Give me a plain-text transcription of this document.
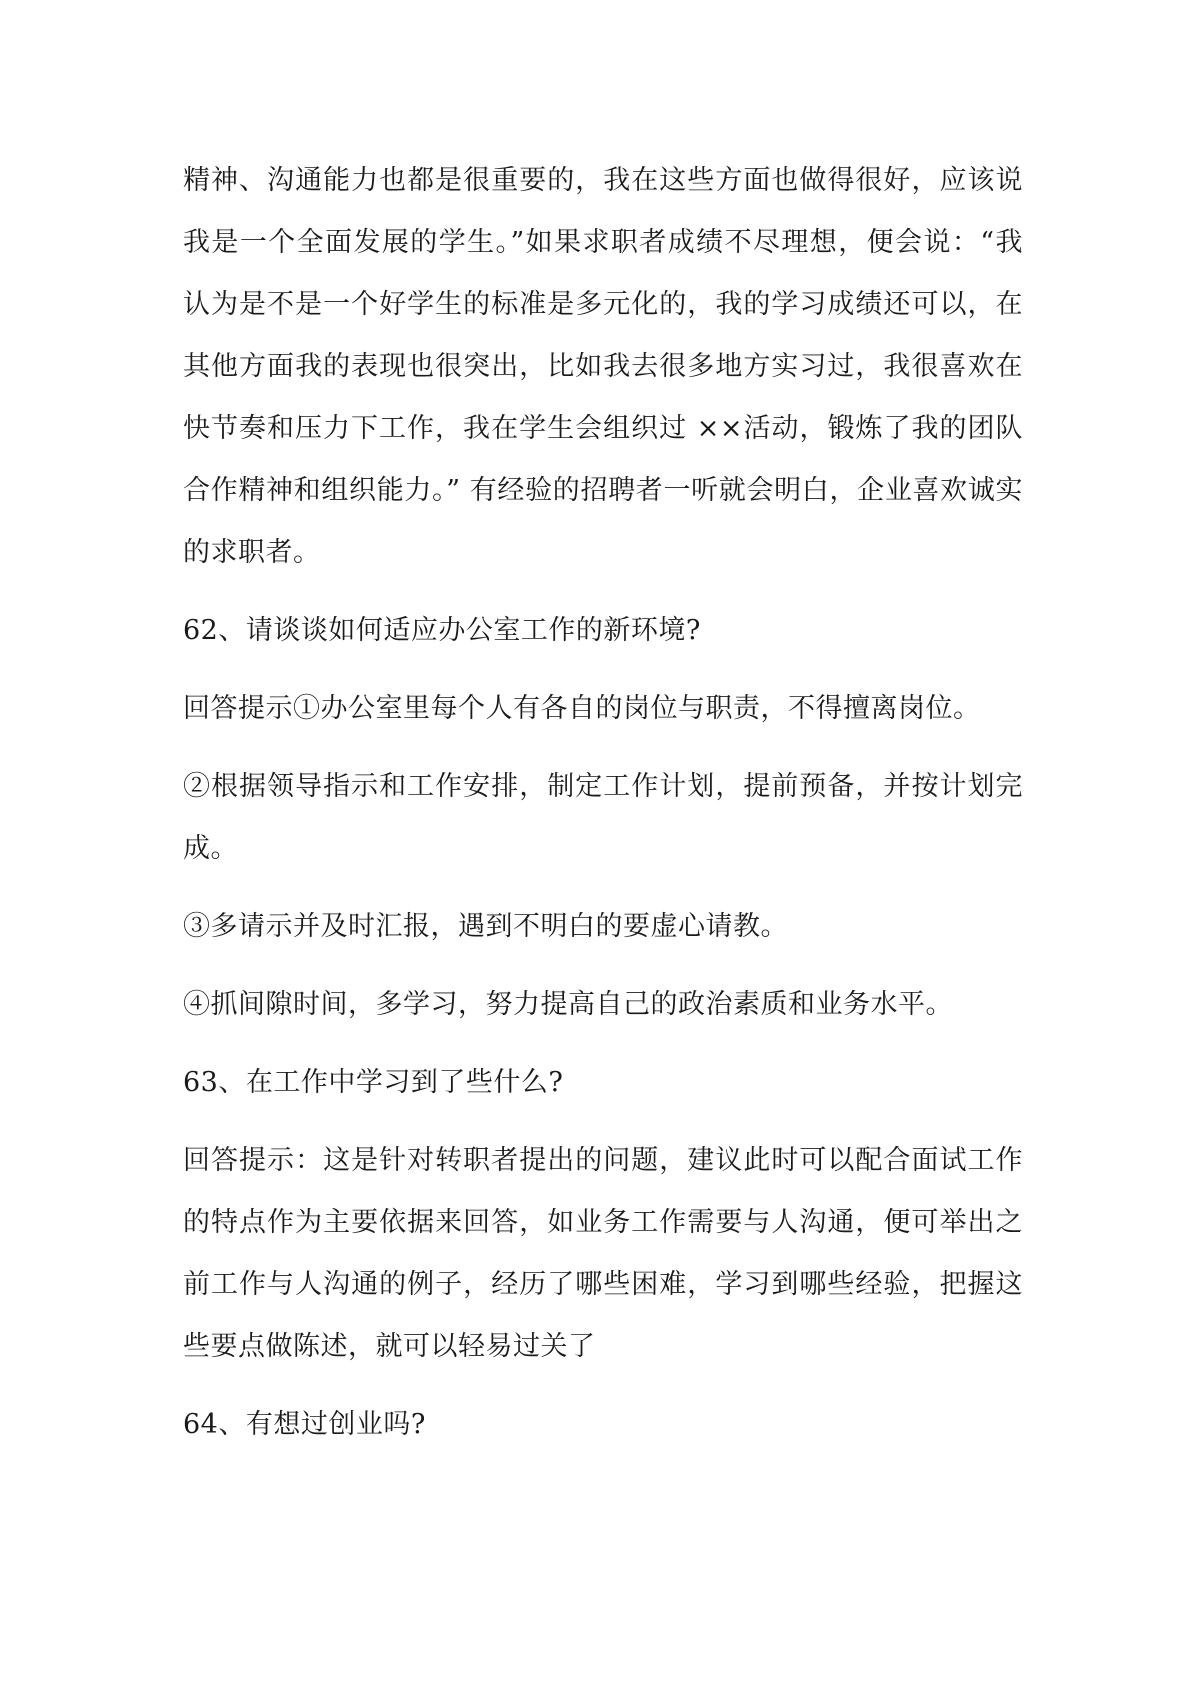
精神、沟通能力也都是很重要的，我在这些方面也做得很好，应该说我是一个全面发展的学生。”如果求职者成绩不尽理想，便会说：“我认为是不是一个好学生的标准是多元化的，我的学习成绩还可以，在其他方面我的表现也很突出，比如我去很多地方实习过，我很喜欢在快节奏和压力下工作，我在学生会组织过 ××活动，锻炼了我的团队合作精神和组织能力。” 有经验的招聘者一听就会明白，企业喜欢诚实的求职者。

62、请谈谈如何适应办公室工作的新环境?

回答提示①办公室里每个人有各自的岗位与职责，不得擅离岗位。

②根据领导指示和工作安排，制定工作计划，提前预备，并按计划完成。

③多请示并及时汇报，遇到不明白的要虚心请教。

④抓间隙时间，多学习，努力提高自己的政治素质和业务水平。

63、在工作中学习到了些什么?

回答提示：这是针对转职者提出的问题，建议此时可以配合面试工作的特点作为主要依据来回答，如业务工作需要与人沟通，便可举出之前工作与人沟通的例子，经历了哪些困难，学习到哪些经验，把握这些要点做陈述，就可以轻易过关了

64、有想过创业吗?
